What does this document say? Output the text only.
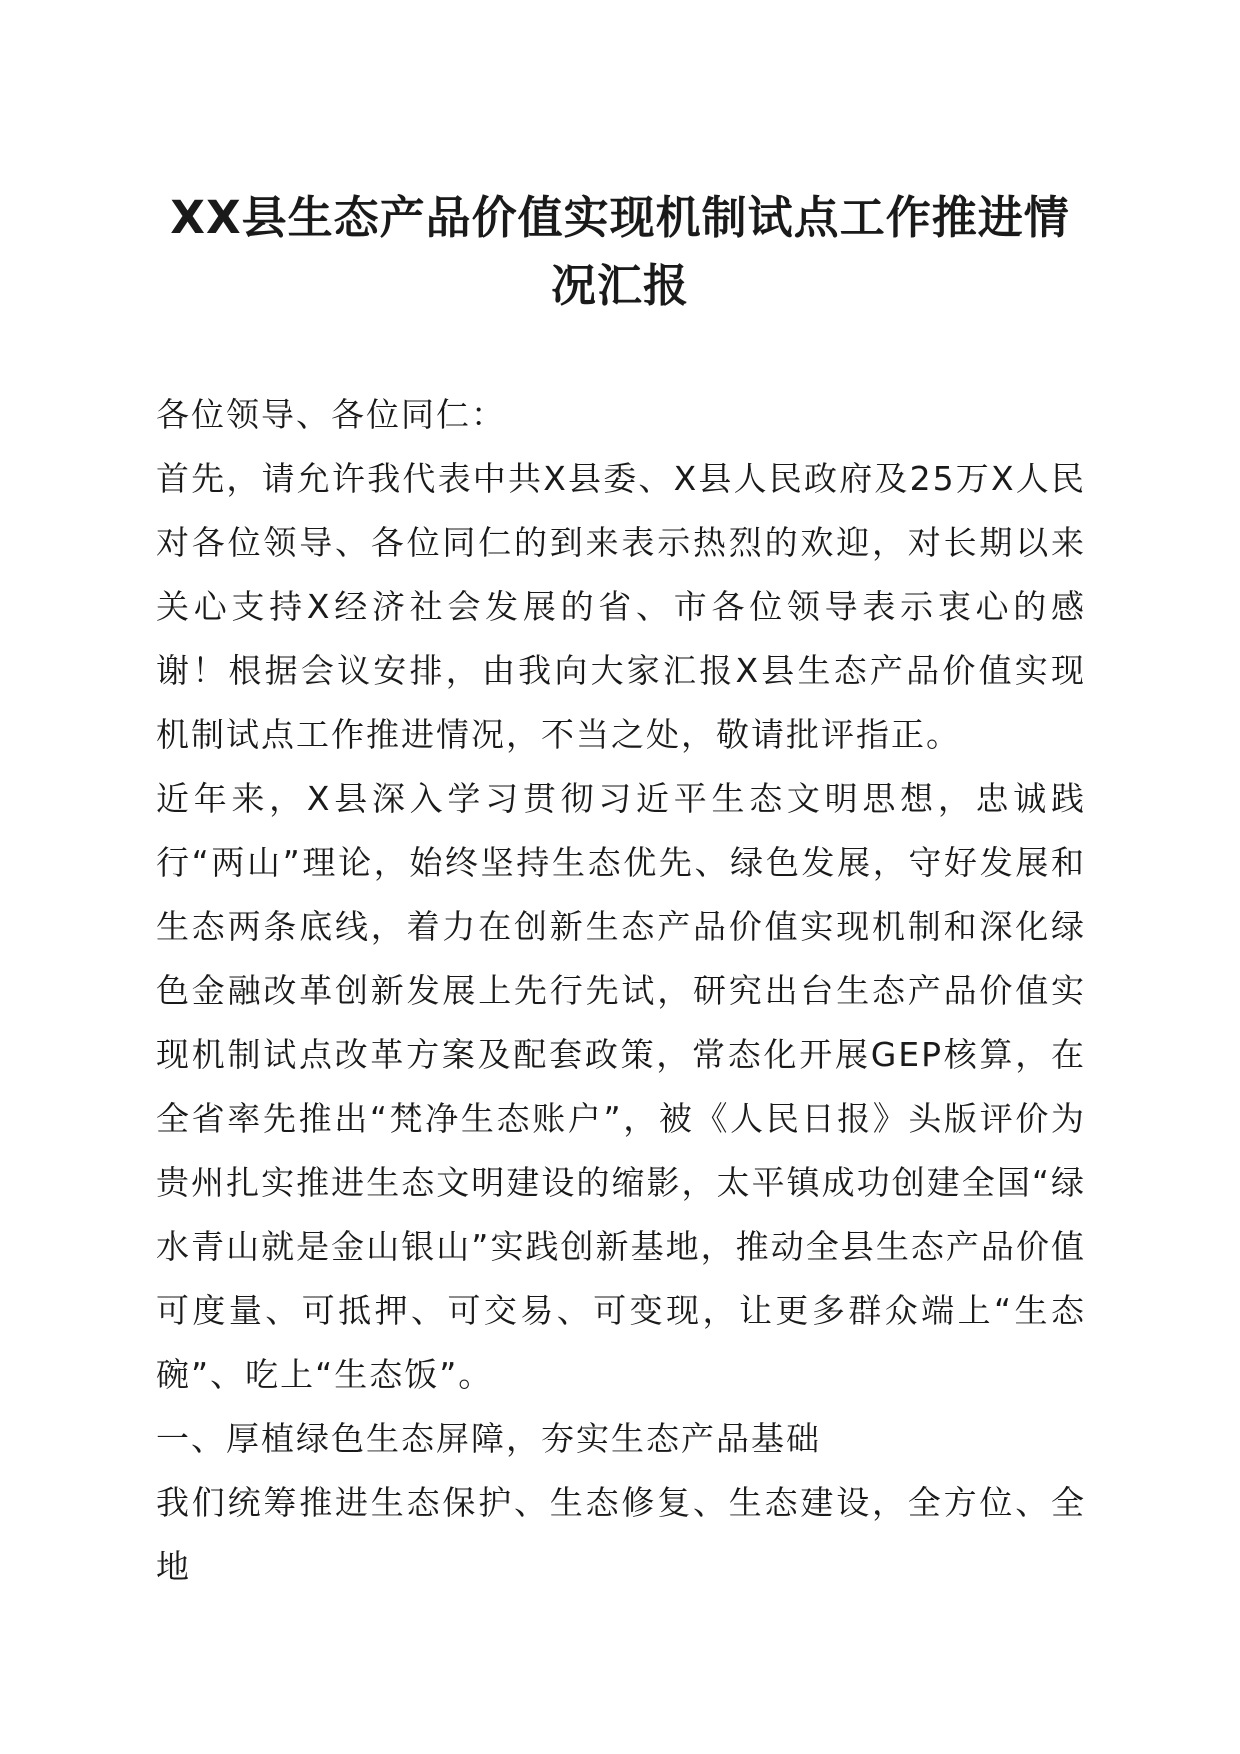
XX县生态产品价值实现机制试点工作推进情
况汇报

各位领导、各位同仁：

首先，请允许我代表中共X县委、X县人民政府及25万X人民对各位领导、各位同仁的到来表示热烈的欢迎，对长期以来关心支持X经济社会发展的省、市各位领导表示衷心的感谢！根据会议安排，由我向大家汇报X县生态产品价值实现机制试点工作推进情况，不当之处，敬请批评指正。

近年来，X县深入学习贯彻习近平生态文明思想，忠诚践行“两山”理论，始终坚持生态优先、绿色发展，守好发展和生态两条底线，着力在创新生态产品价值实现机制和深化绿色金融改革创新发展上先行先试，研究出台生态产品价值实现机制试点改革方案及配套政策，常态化开展GEP核算，在全省率先推出“梵净生态账户”，被《人民日报》头版评价为贵州扎实推进生态文明建设的缩影，太平镇成功创建全国“绿水青山就是金山银山”实践创新基地，推动全县生态产品价值可度量、可抵押、可交易、可变现，让更多群众端上“生态碗”、吃上“生态饭”。

一、厚植绿色生态屏障，夯实生态产品基础

我们统筹推进生态保护、生态修复、生态建设，全方位、全地
